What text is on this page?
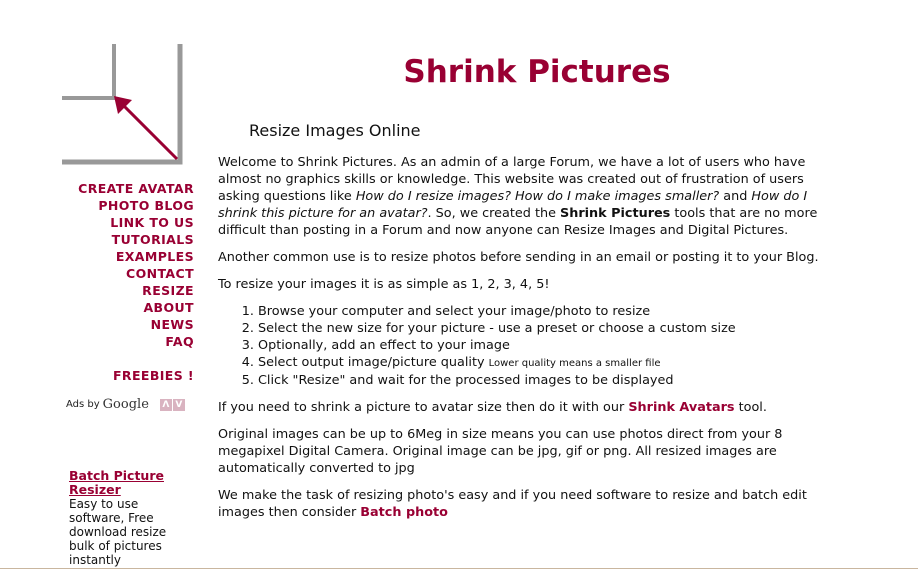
CREATE AVATAR
PHOTO BLOG
LINK TO US
TUTORIALS
EXAMPLES
CONTACT
RESIZE
ABOUT
NEWS
FAQ
FREEBIES !
Ads by Google Λ V
Batch Picture
Resizer
Easy to use software, Free download resize bulk of pictures instantly
Shrink Pictures
Resize Images Online

Welcome to Shrink Pictures. As an admin of a large Forum, we have a lot of users who have almost no graphics skills or knowledge. This website was created out of frustration of users asking questions like How do I resize images? How do I make images smaller? and How do I shrink this picture for an avatar?. So, we created the Shrink Pictures tools that are no more difficult than posting in a Forum and now anyone can Resize Images and Digital Pictures.

Another common use is to resize photos before sending in an email or posting it to your Blog.

To resize your images it is as simple as 1, 2, 3, 4, 5!

1. Browse your computer and select your image/photo to resize
2. Select the new size for your picture - use a preset or choose a custom size
3. Optionally, add an effect to your image
4. Select output image/picture quality Lower quality means a smaller file
5. Click "Resize" and wait for the processed images to be displayed

If you need to shrink a picture to avatar size then do it with our Shrink Avatars tool.

Original images can be up to 6Meg in size means you can use photos direct from your 8 megapixel Digital Camera. Original image can be jpg, gif or png. All resized images are automatically converted to jpg

We make the task of resizing photo's easy and if you need software to resize and batch edit images then consider Batch photo
